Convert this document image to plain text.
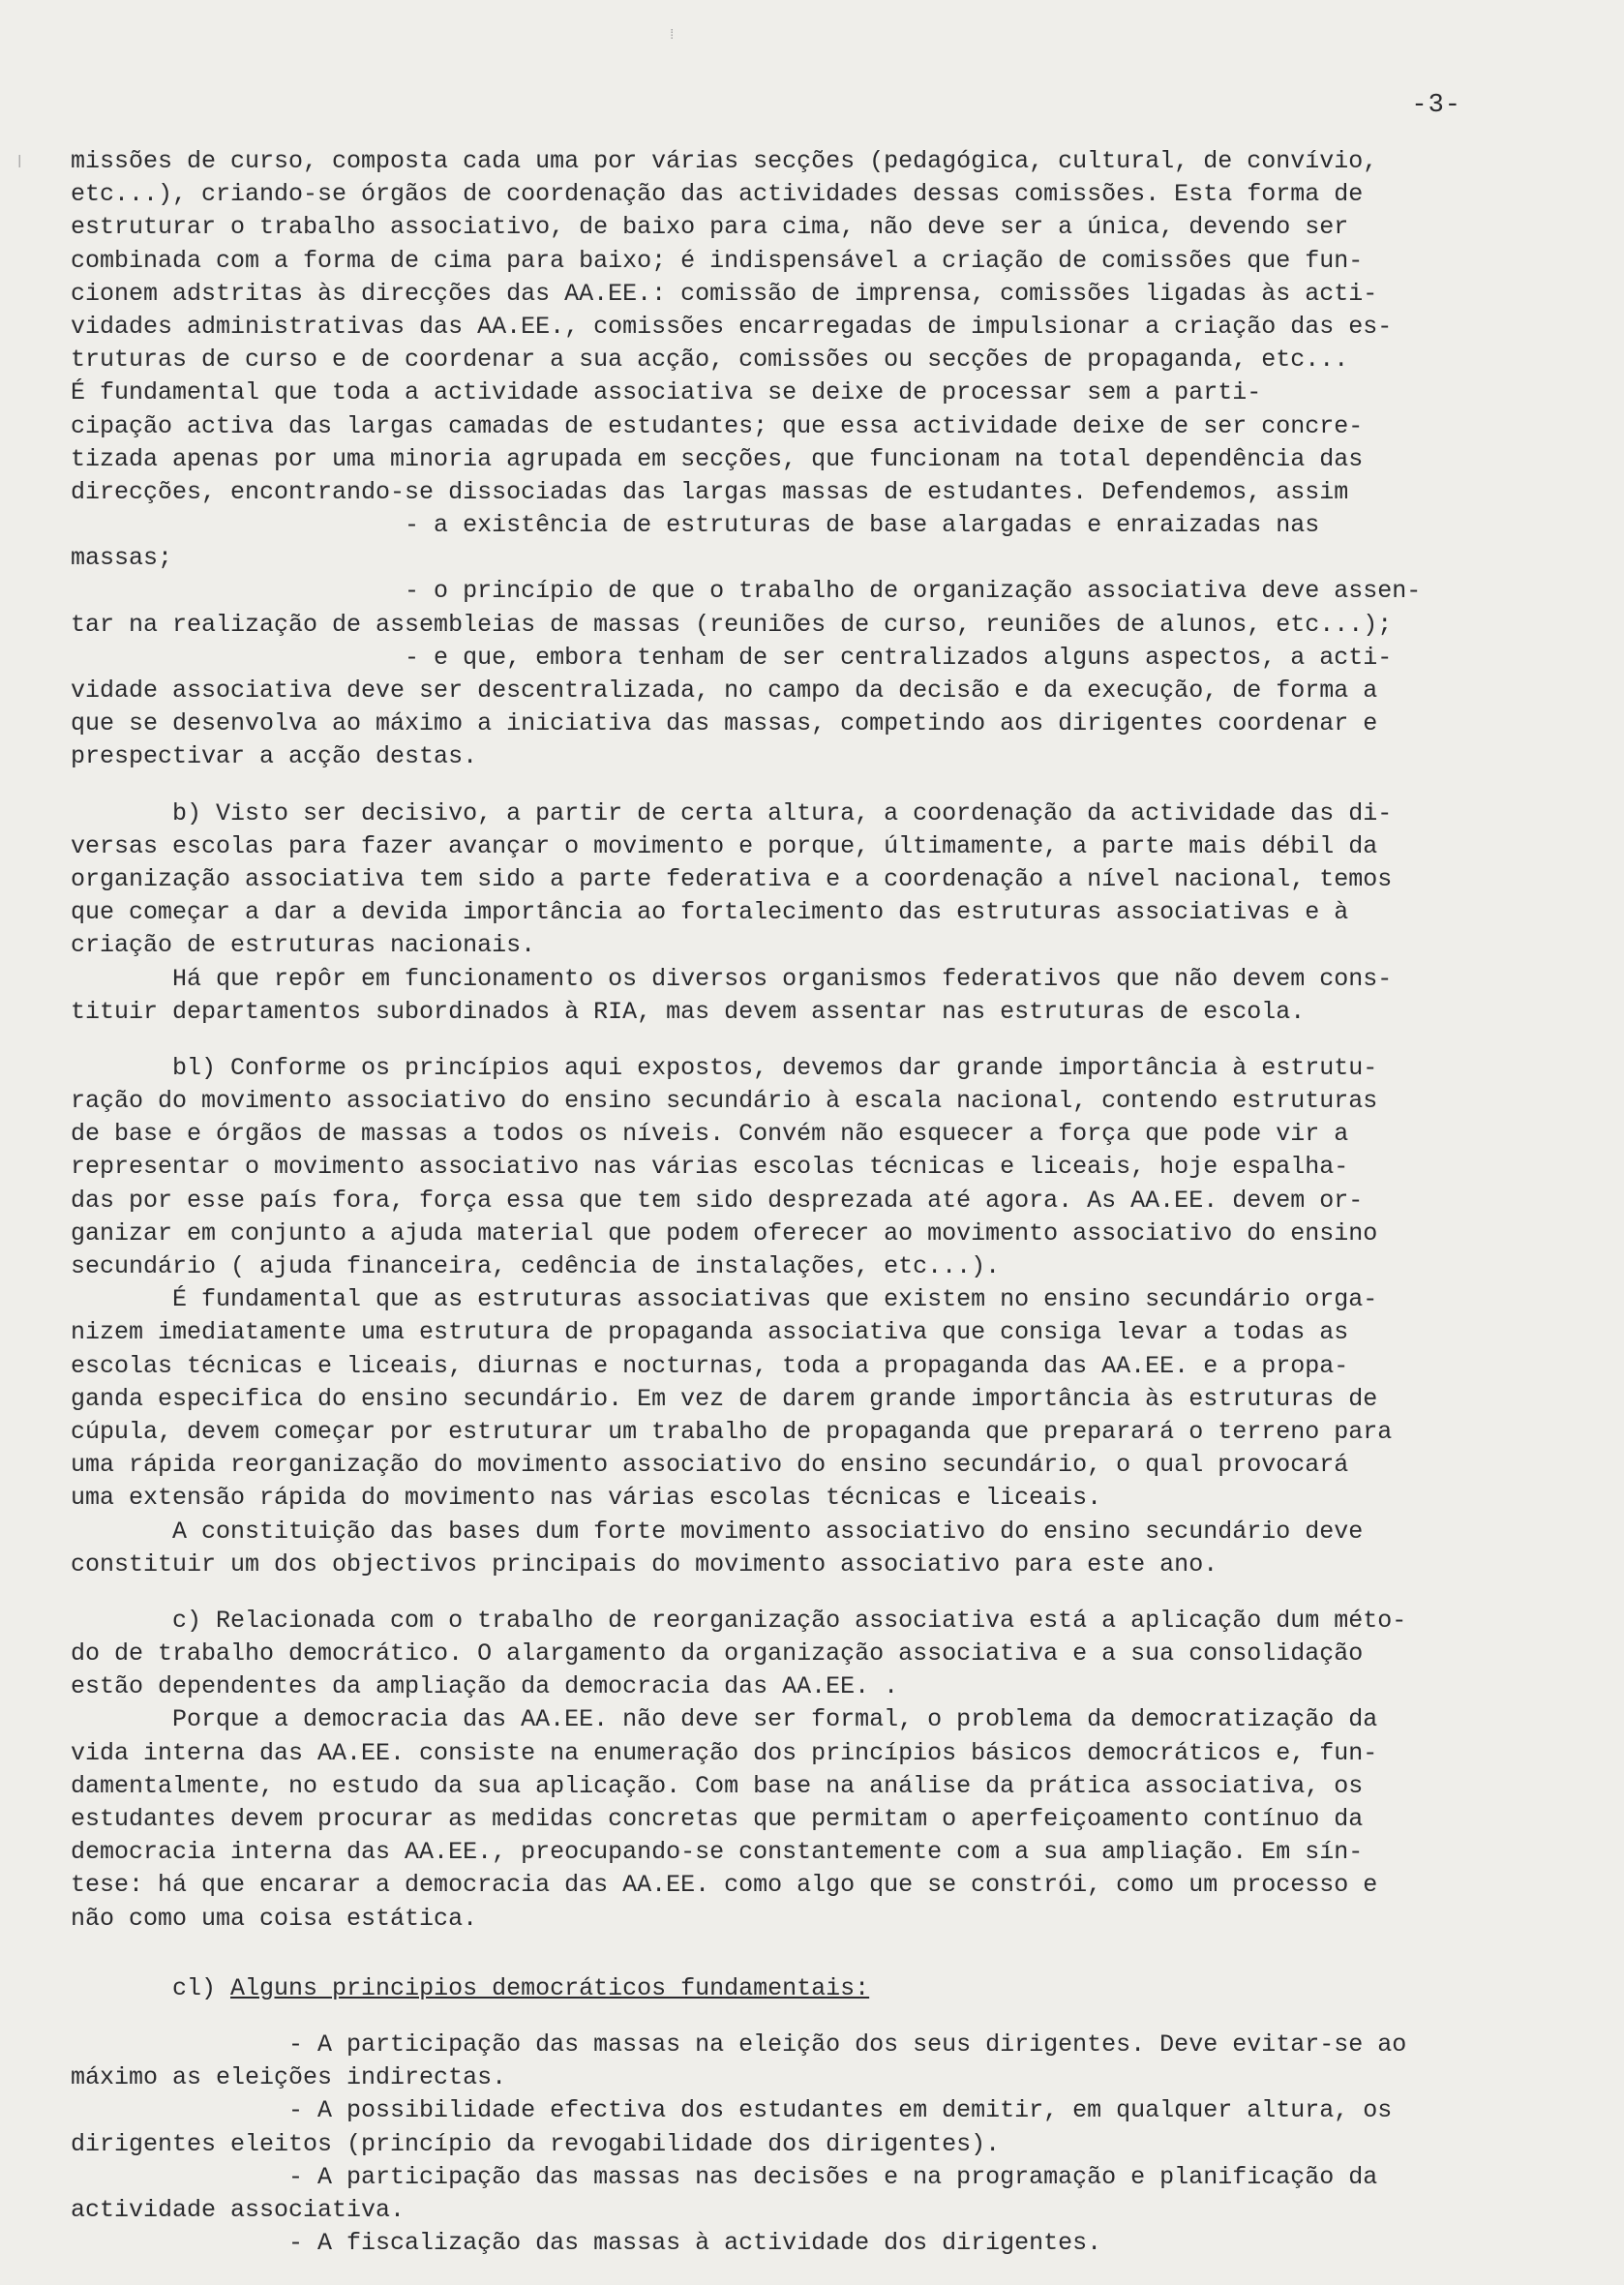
-3-
missões de curso, composta cada uma por várias secções (pedagógica, cultural, de convívio,
etc...), criando-se órgãos de coordenação das actividades dessas comissões. Esta forma de
estruturar o trabalho associativo, de baixo para cima, não deve ser a única, devendo ser
combinada com a forma de cima para baixo; é indispensável a criação de comissões que fun-
cionem adstritas às direcções das AA.EE.: comissão de imprensa, comissões ligadas às acti-
vidades administrativas das AA.EE., comissões encarregadas de impulsionar a criação das es-
truturas de curso e de coordenar a sua acção, comissões ou secções de propaganda, etc...
É fundamental que toda a actividade associativa se deixe de processar sem a parti-
cipação activa das largas camadas de estudantes; que essa actividade deixe de ser concre-
tizada apenas por uma minoria agrupada em secções, que funcionam na total dependência das
direcções, encontrando-se dissociadas das largas massas de estudantes. Defendemos, assim
- a existência de estruturas de base alargadas e enraizadas nas
massas;
- o princípio de que o trabalho de organização associativa deve assen-
tar na realização de assembleias de massas (reuniões de curso, reuniões de alunos, etc...);
- e que, embora tenham de ser centralizados alguns aspectos, a acti-
vidade associativa deve ser descentralizada, no campo da decisão e da execução, de forma a
que se desenvolva ao máximo a iniciativa das massas, competindo aos dirigentes coordenar e
prespectivar a acção destas.
b) Visto ser decisivo, a partir de certa altura, a coordenação da actividade das di-
versas escolas para fazer avançar o movimento e porque, últimamente, a parte mais débil da
organização associativa tem sido a parte federativa e a coordenação a nível nacional, temos
que começar a dar a devida importância ao fortalecimento das estruturas associativas e à
criação de estruturas nacionais.
Há que repôr em funcionamento os diversos organismos federativos que não devem cons-
tituir departamentos subordinados à RIA, mas devem assentar nas estruturas de escola.
bl) Conforme os princípios aqui expostos, devemos dar grande importância à estrutu-
ração do movimento associativo do ensino secundário à escala nacional, contendo estruturas
de base e órgãos de massas a todos os níveis. Convém não esquecer a força que pode vir a
representar o movimento associativo nas várias escolas técnicas e liceais, hoje espalha-
das por esse país fora, força essa que tem sido desprezada até agora. As AA.EE. devem or-
ganizar em conjunto a ajuda material que podem oferecer ao movimento associativo do ensino
secundário ( ajuda financeira, cedência de instalações, etc...).
É fundamental que as estruturas associativas que existem no ensino secundário orga-
nizem imediatamente uma estrutura de propaganda associativa que consiga levar a todas as
escolas técnicas e liceais, diurnas e nocturnas, toda a propaganda das AA.EE. e a propa-
ganda especifica do ensino secundário. Em vez de darem grande importância às estruturas de
cúpula, devem começar por estruturar um trabalho de propaganda que preparará o terreno para
uma rápida reorganização do movimento associativo do ensino secundário, o qual provocará
uma extensão rápida do movimento nas várias escolas técnicas e liceais.
A constituição das bases dum forte movimento associativo do ensino secundário deve
constituir um dos objectivos principais do movimento associativo para este ano.
c) Relacionada com o trabalho de reorganização associativa está a aplicação dum méto-
do de trabalho democrático. O alargamento da organização associativa e a sua consolidação
estão dependentes da ampliação da democracia das AA.EE. .
Porque a democracia das AA.EE. não deve ser formal, o problema da democratização da
vida interna das AA.EE. consiste na enumeração dos princípios básicos democráticos e, fun-
damentalmente, no estudo da sua aplicação. Com base na análise da prática associativa, os
estudantes devem procurar as medidas concretas que permitam o aperfeiçoamento contínuo da
democracia interna das AA.EE., preocupando-se constantemente com a sua ampliação. Em sín-
tese: há que encarar a democracia das AA.EE. como algo que se constrói, como um processo e
não como uma coisa estática.
cl) Alguns principios democráticos fundamentais:
- A participação das massas na eleição dos seus dirigentes. Deve evitar-se ao
máximo as eleições indirectas.
- A possibilidade efectiva dos estudantes em demitir, em qualquer altura, os
dirigentes eleitos (princípio da revogabilidade dos dirigentes).
- A participação das massas nas decisões e na programação e planificação da
actividade associativa.
- A fiscalização das massas à actividade dos dirigentes.
|
⁞
